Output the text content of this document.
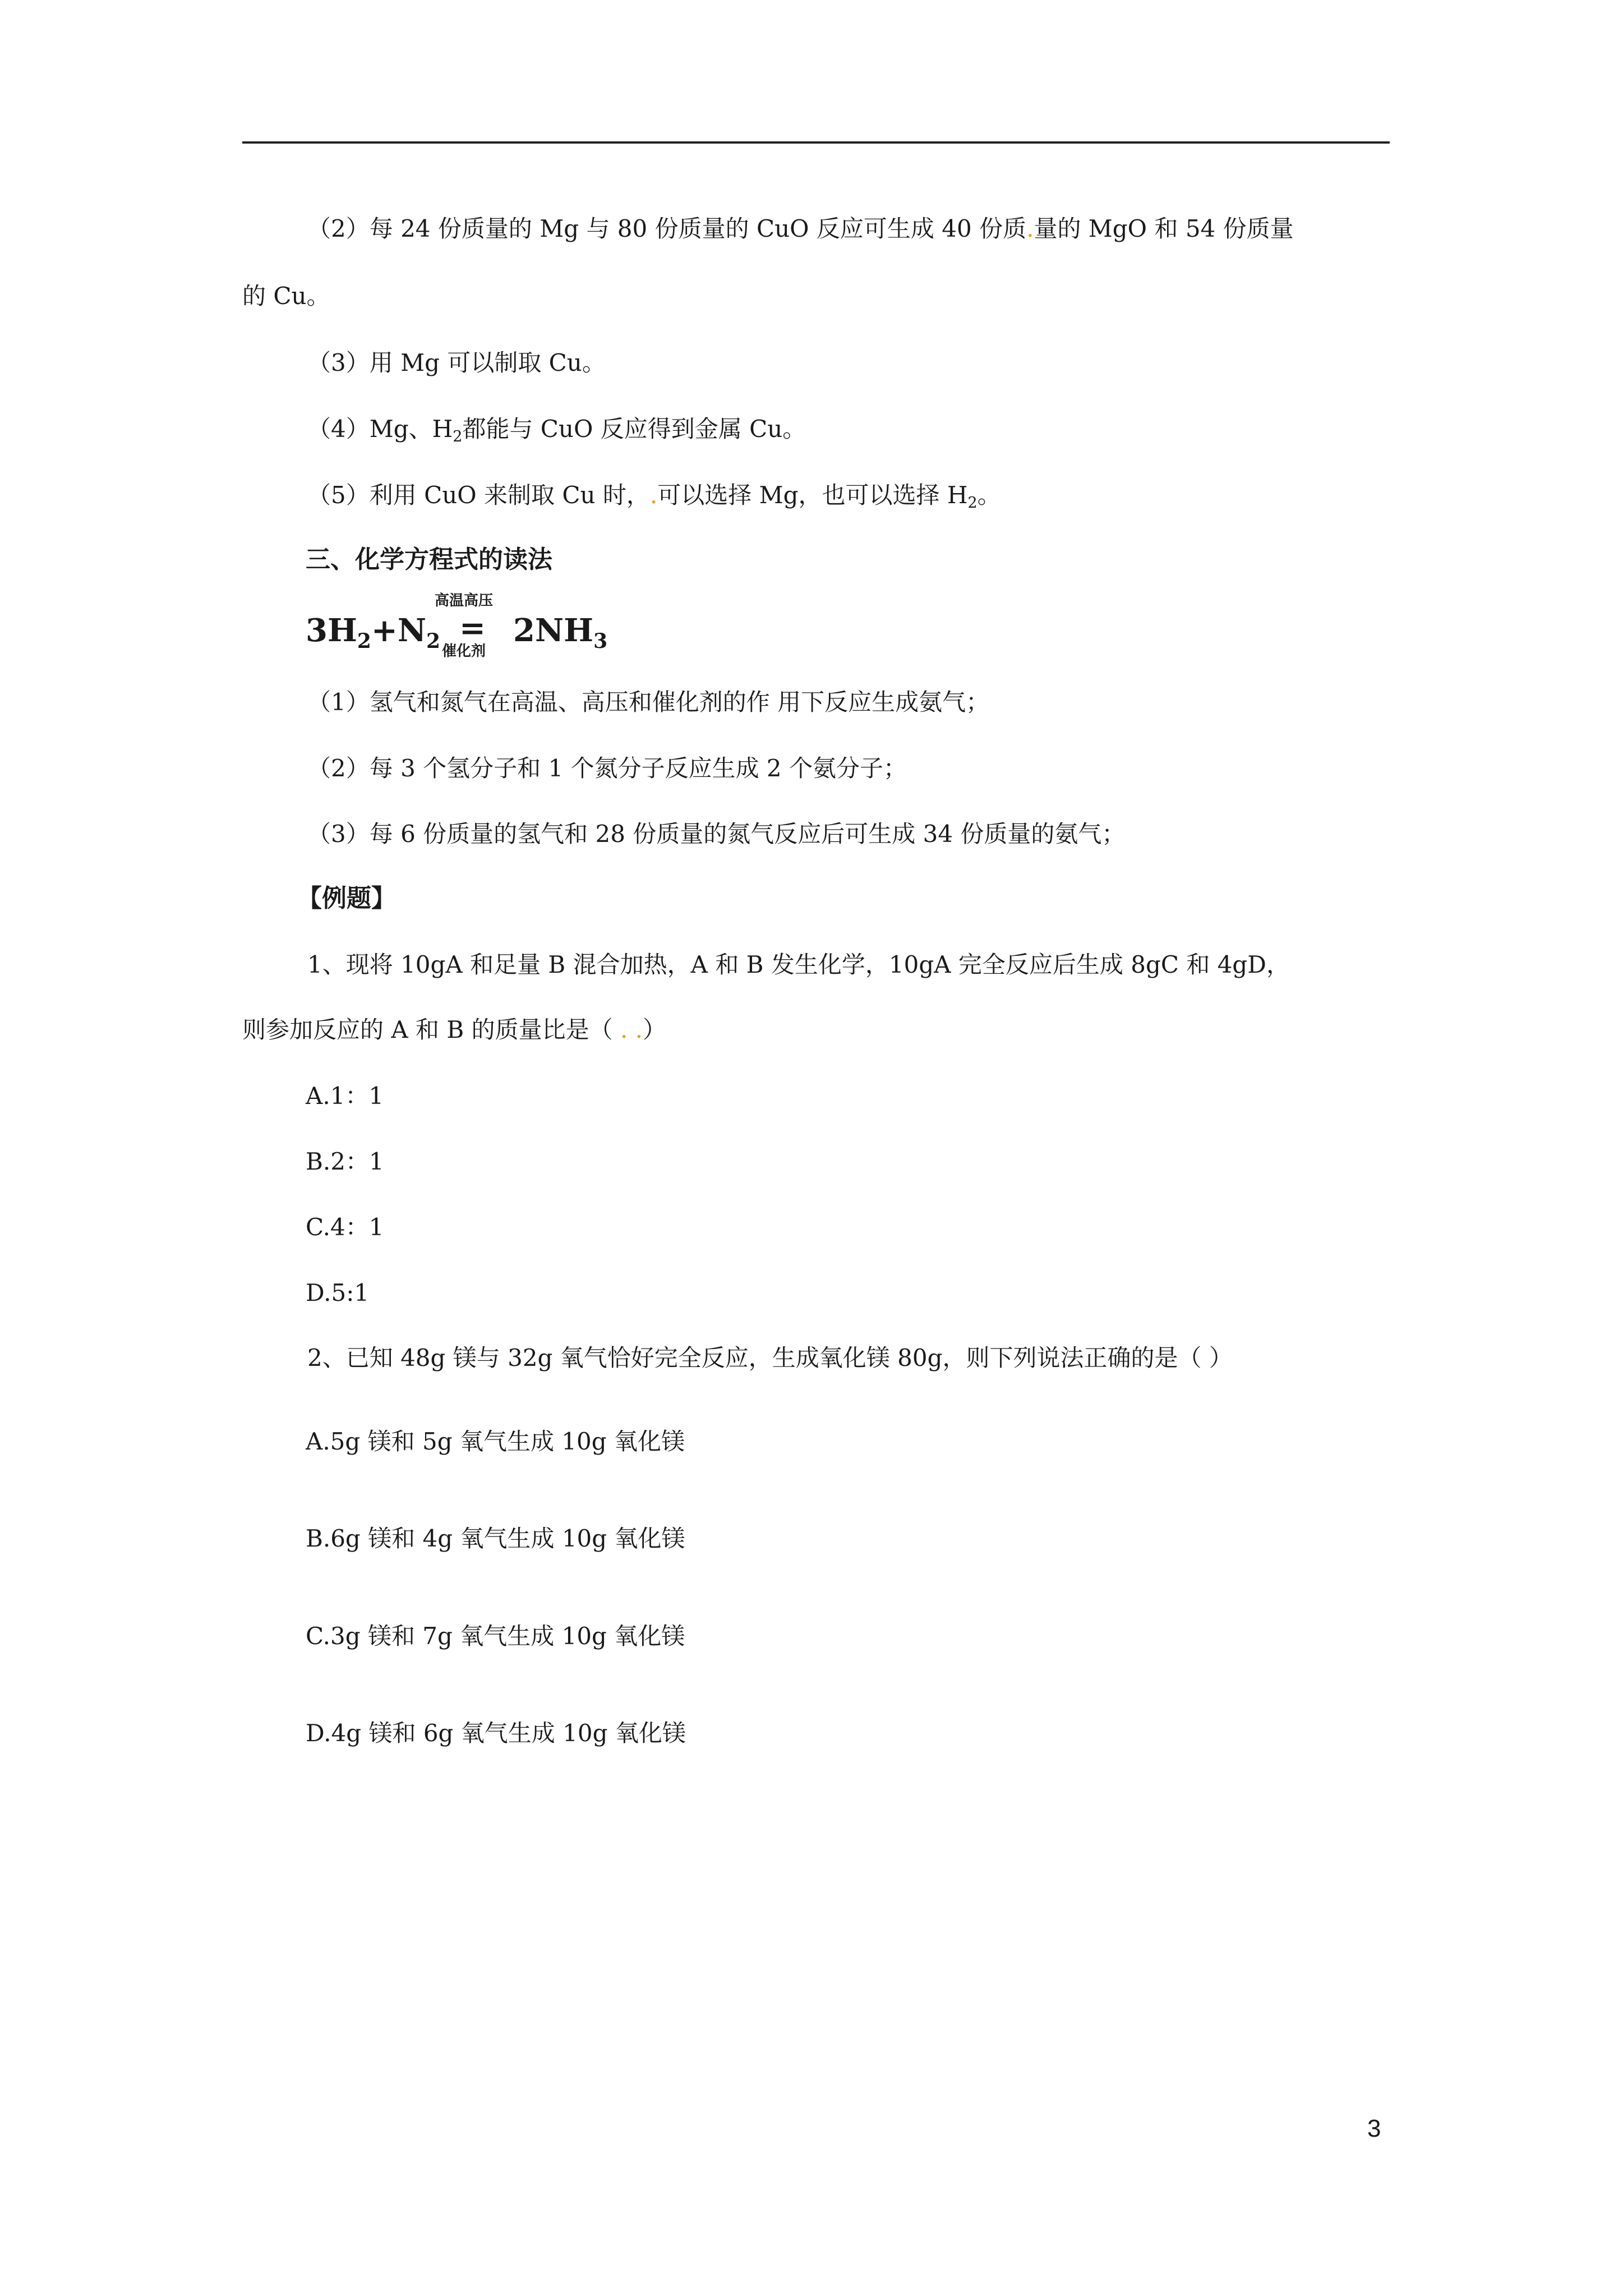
（2）每 24 份质量的 Mg 与 80 份质量的 CuO 反应可生成 40 份质.量的 MgO 和 54 份质量
的 Cu。
（3）用 Mg 可以制取 Cu。
（4）Mg、$H_2$都能与 CuO 反应得到金属 Cu。
（5）利用 CuO 来制取 Cu 时，.可以选择 Mg，也可以选择 $H_2$。
三、化学方程式的读法
$3H_2+N_2$
高温高压
=
催化剂
$2NH_3$
（1）氢气和氮气在高温、高压和催化剂的作 用下反应生成氨气；
（2）每 3 个氢分子和 1 个氮分子反应生成 2 个氨分子；
（3）每 6 份质量的氢气和 28 份质量的氮气反应后可生成 34 份质量的氨气；
【例题】
1、现将 10gA 和足量 B 混合加热，A 和 B 发生化学，10gA 完全反应后生成 8gC 和 4gD，
则参加反应的 A 和 B 的质量比是（ . .）
A.1：1
B.2：1
C.4：1
D.5:1
2、已知 48g 镁与 32g 氧气恰好完全反应，生成氧化镁 80g，则下列说法正确的是（ ）
A.5g 镁和 5g 氧气生成 10g 氧化镁
B.6g 镁和 4g 氧气生成 10g 氧化镁
C.3g 镁和 7g 氧气生成 10g 氧化镁
D.4g 镁和 6g 氧气生成 10g 氧化镁
3
